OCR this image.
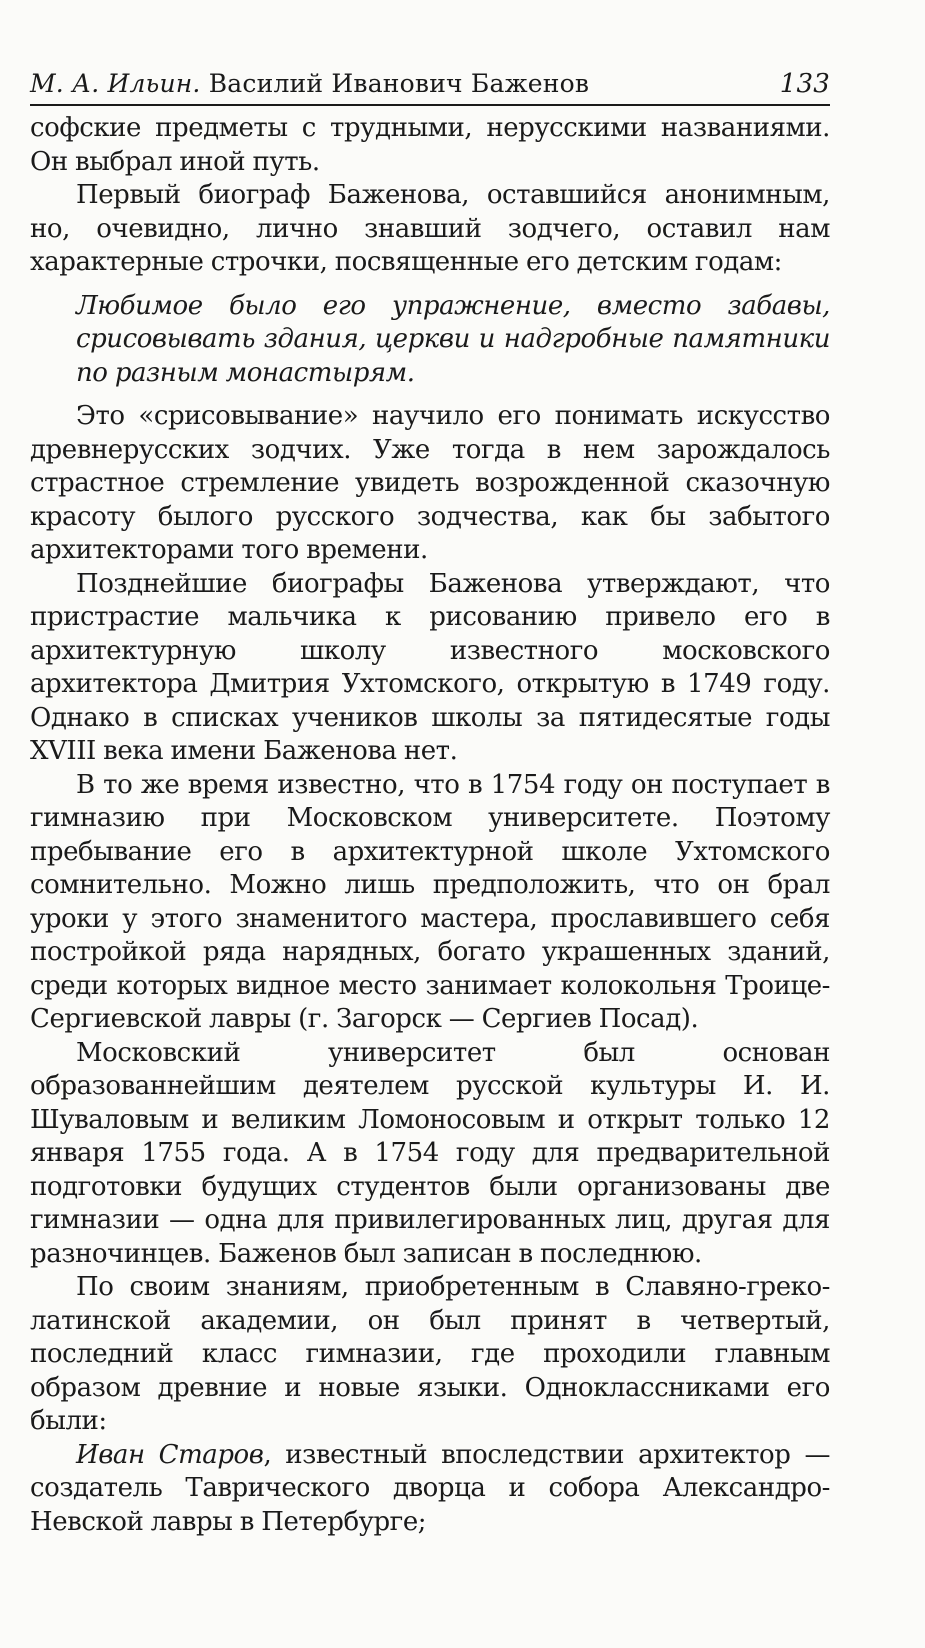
М. А. Ильин. Василий Иванович Баженов	133

софские предметы с трудными, нерусскими названиями. Он выбрал иной путь.

Первый биограф Баженова, оставшийся анонимным, но, очевидно, лично знавший зодчего, оставил нам характерные строчки, посвященные его детским годам:

Любимое было его упражнение, вместо забавы, срисовывать здания, церкви и надгробные памятники по разным монастырям.

Это «срисовывание» научило его понимать искусство древнерусских зодчих. Уже тогда в нем зарождалось страстное стремление увидеть возрожденной сказочную красоту былого русского зодчества, как бы забытого архитекторами того времени.

Позднейшие биографы Баженова утверждают, что пристрастие мальчика к рисованию привело его в архитектурную школу известного московского архитектора Дмитрия Ухтомского, открытую в 1749 году. Однако в списках учеников школы за пятидесятые годы XVIII века имени Баженова нет.

В то же время известно, что в 1754 году он поступает в гимназию при Московском университете. Поэтому пребывание его в архитектурной школе Ухтомского сомнительно. Можно лишь предположить, что он брал уроки у этого знаменитого мастера, прославившего себя постройкой ряда нарядных, богато украшенных зданий, среди которых видное место занимает колокольня Троице-Сергиевской лавры (г. Загорск — Сергиев Посад).

Московский университет был основан образованнейшим деятелем русской культуры И. И. Шуваловым и великим Ломоносовым и открыт только 12 января 1755 года. А в 1754 году для предварительной подготовки будущих студентов были организованы две гимназии — одна для привилегированных лиц, другая для разночинцев. Баженов был записан в последнюю.

По своим знаниям, приобретенным в Славяно-греко-латинской академии, он был принят в четвертый, последний класс гимназии, где проходили главным образом древние и новые языки. Одноклассниками его были:

Иван Старов, известный впоследствии архитектор — создатель Таврического дворца и собора Александро-Невской лавры в Петербурге;
